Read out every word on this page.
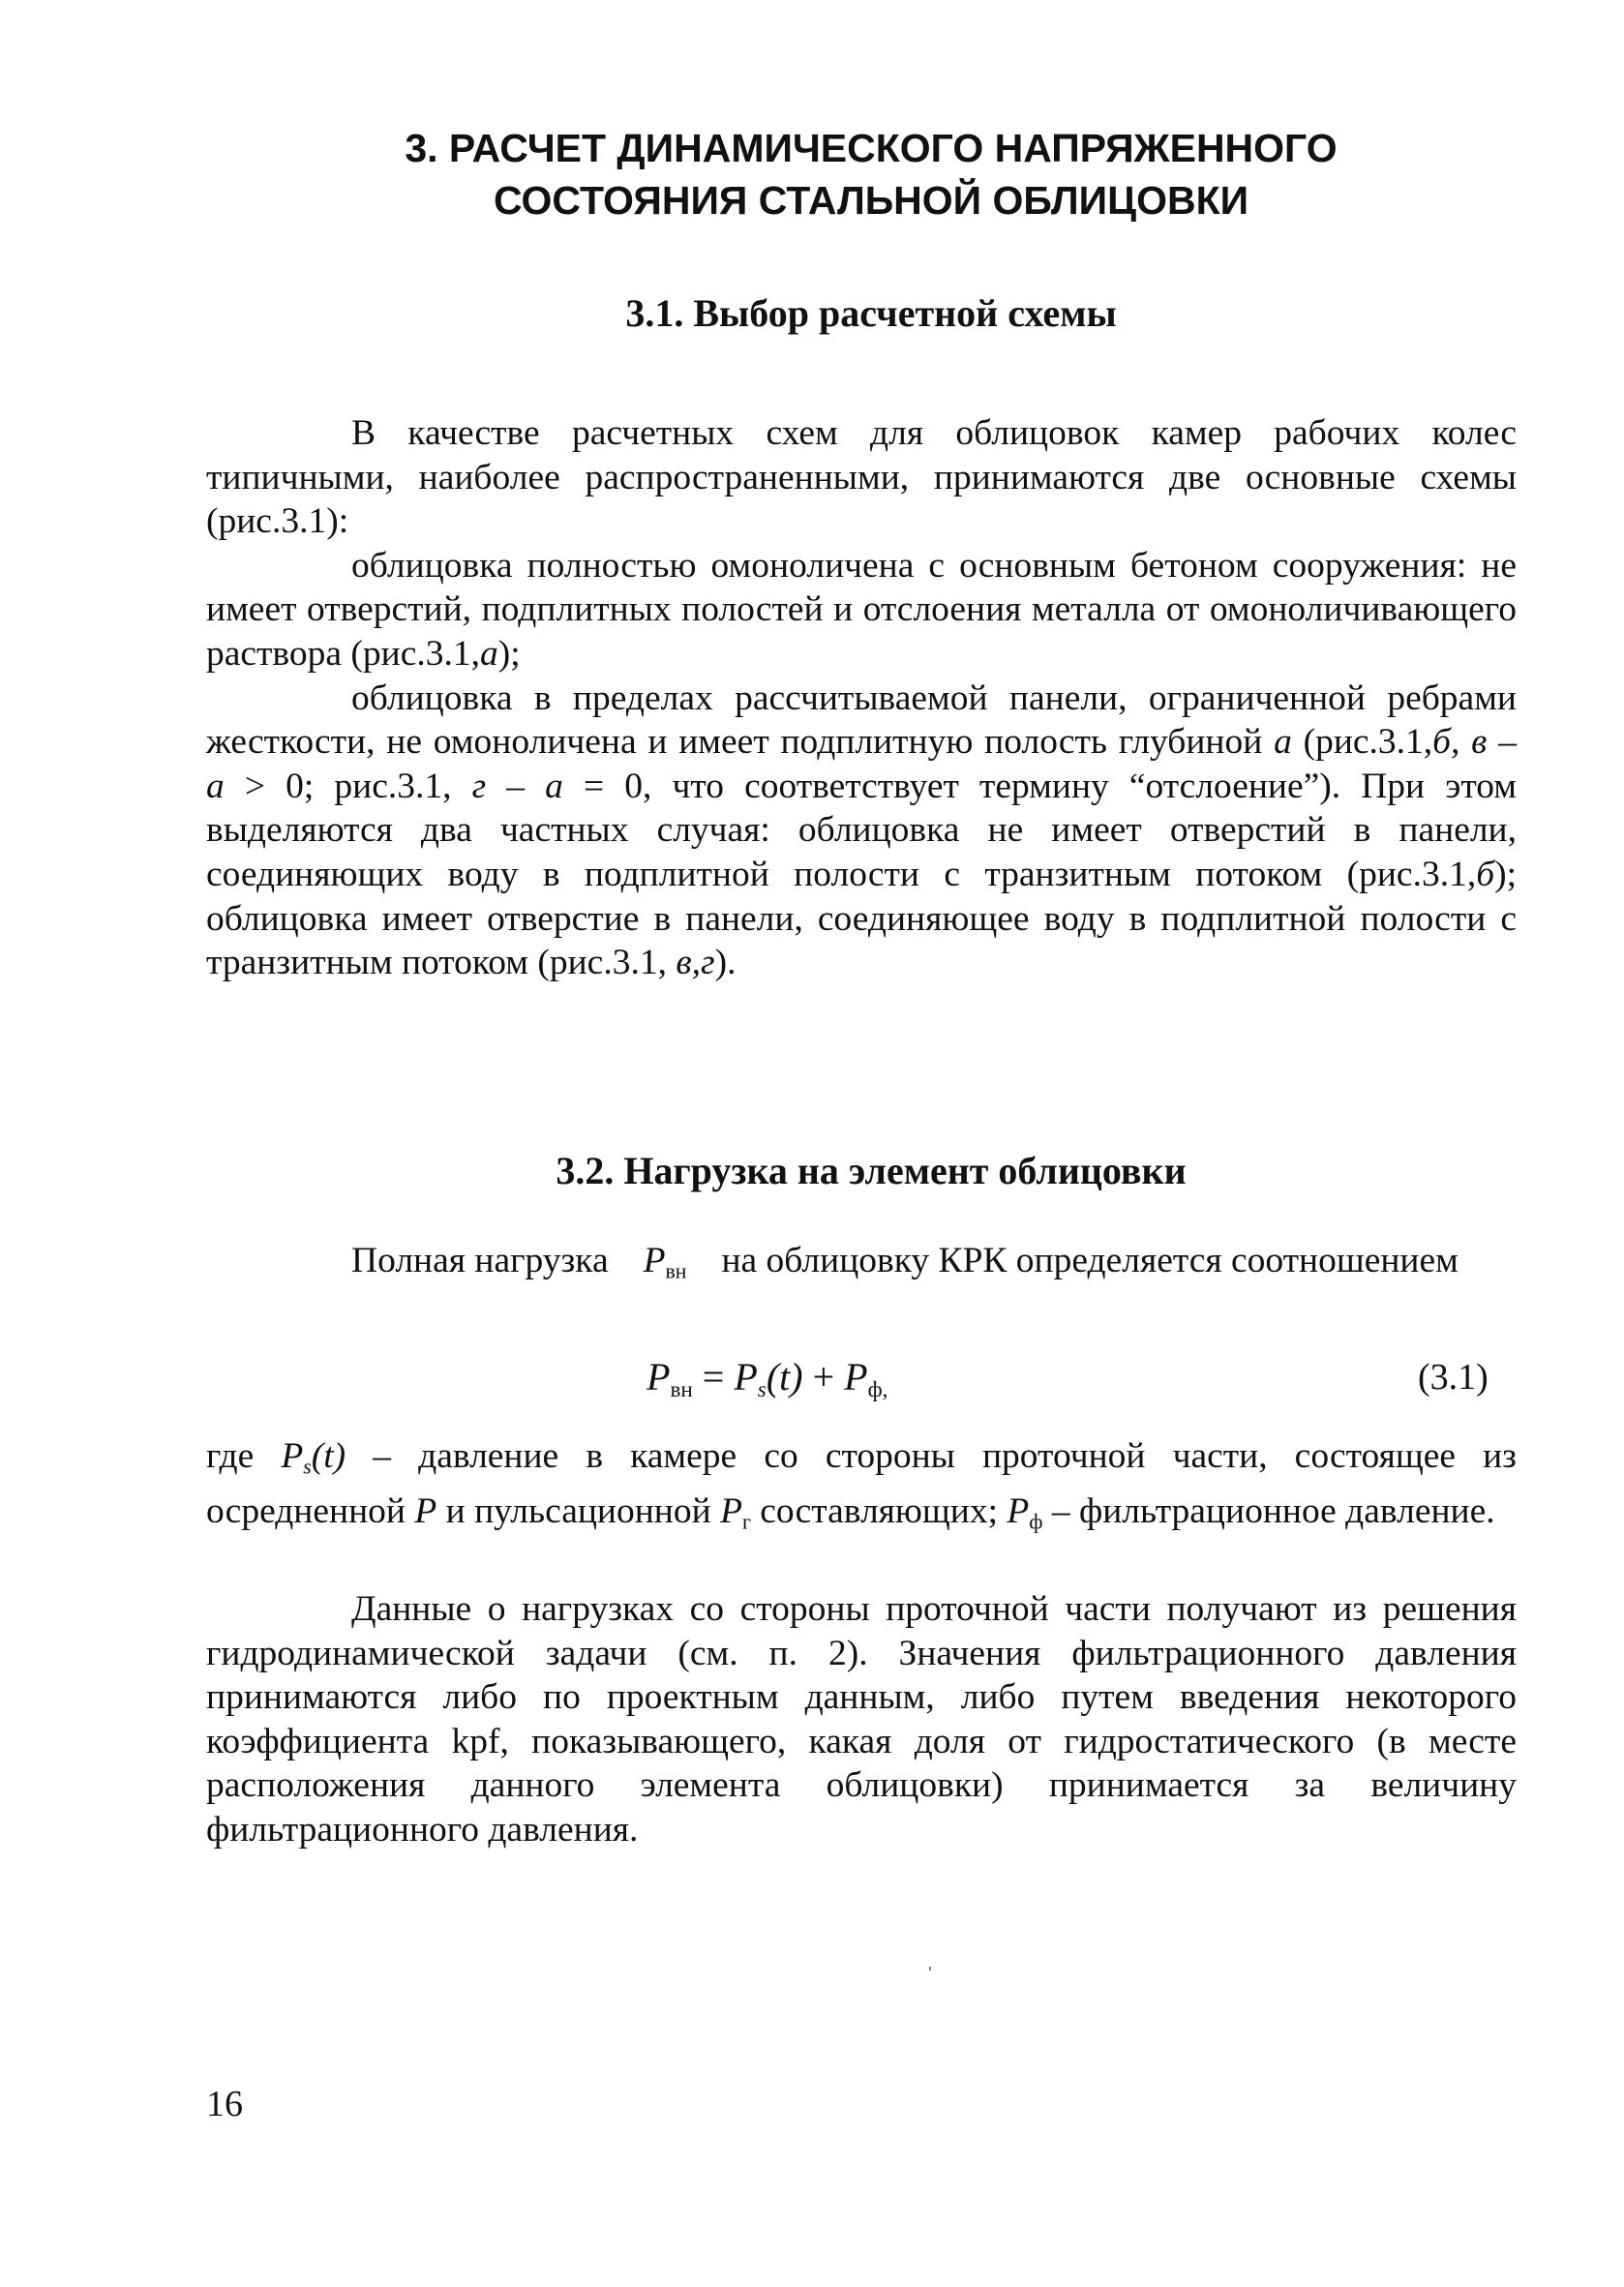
3. РАСЧЕТ ДИНАМИЧЕСКОГО НАПРЯЖЕННОГО
СОСТОЯНИЯ СТАЛЬНОЙ ОБЛИЦОВКИ
3.1. Выбор расчетной схемы

В качестве расчетных схем для облицовок камер рабочих колес типичными, наиболее распространенными, принимаются две основные схемы (рис.3.1):

облицовка полностью омоноличена с основным бетоном сооружения: не имеет отверстий, подплитных полостей и отслоения металла от омоноличивающего раствора (рис.3.1,а);

облицовка в пределах рассчитываемой панели, ограниченной ребрами жесткости, не омоноличена и имеет подплитную полость глубиной а (рис.3.1,б, в – а > 0; рис.3.1, г – а = 0, что соответствует термину “отслоение”). При этом выделяются два частных случая: облицовка не имеет отверстий в панели, соединяющих воду в подплитной полости с транзитным потоком (рис.3.1,б); облицовка имеет отверстие в панели, соединяющее воду в подплитной полости с транзитным потоком (рис.3.1, в,г).

3.2. Нагрузка на элемент облицовки

Полная нагрузка $P_{вн}$ на облицовку КРК определяется соотношением

$P_{вн} = Ps(t) + P_{ф,}$	(3.1)

где Ps(t) – давление в камере со стороны проточной части, состоящее из осредненной P и пульсационной $P_г$ составляющих; $P_ф$ – фильтрационное давление.

Данные о нагрузках со стороны проточной части получают из решения гидродинамической задачи (см. п. 2). Значения фильтрационного давления принимаются либо по проектным данным, либо путем введения некоторого коэффициента kpf, показывающего, какая доля от гидростатического (в месте расположения данного элемента облицовки) принимается за величину фильтрационного давления.

16
